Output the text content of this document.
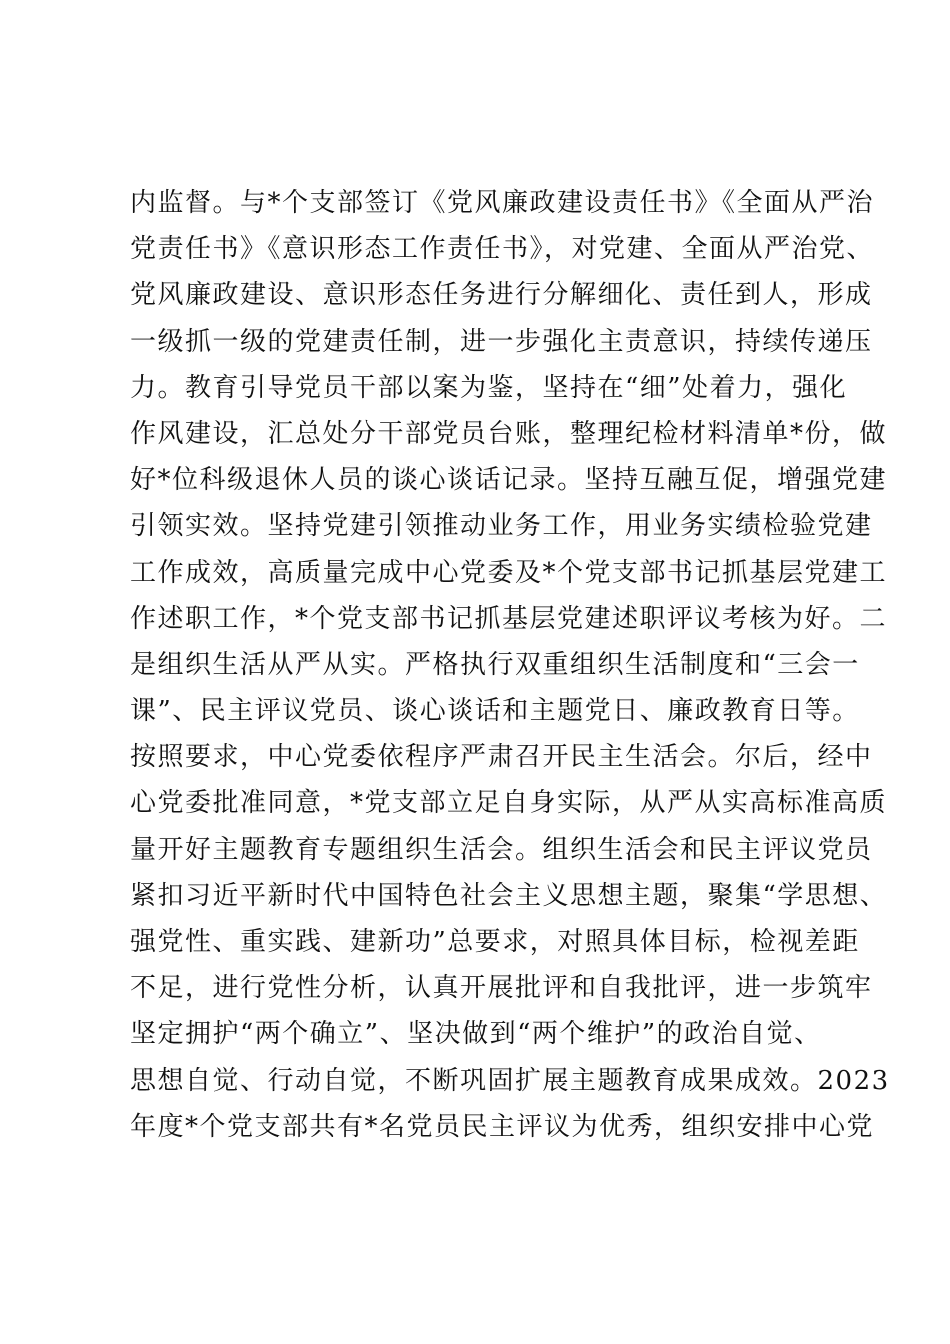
内监督。与*个支部签订《党风廉政建设责任书》《全面从严治
党责任书》《意识形态工作责任书》，对党建、全面从严治党、
党风廉政建设、意识形态任务进行分解细化、责任到人，形成
一级抓一级的党建责任制，进一步强化主责意识，持续传递压
力。教育引导党员干部以案为鉴，坚持在“细”处着力，强化
作风建设，汇总处分干部党员台账，整理纪检材料清单*份，做
好*位科级退休人员的谈心谈话记录。坚持互融互促，增强党建
引领实效。坚持党建引领推动业务工作，用业务实绩检验党建
工作成效，高质量完成中心党委及*个党支部书记抓基层党建工
作述职工作，*个党支部书记抓基层党建述职评议考核为好。二
是组织生活从严从实。严格执行双重组织生活制度和“三会一
课”、民主评议党员、谈心谈话和主题党日、廉政教育日等。
按照要求，中心党委依程序严肃召开民主生活会。尔后，经中
心党委批准同意，*党支部立足自身实际，从严从实高标准高质
量开好主题教育专题组织生活会。组织生活会和民主评议党员
紧扣习近平新时代中国特色社会主义思想主题，聚集“学思想、
强党性、重实践、建新功”总要求，对照具体目标，检视差距
不足，进行党性分析，认真开展批评和自我批评，进一步筑牢
坚定拥护“两个确立”、坚决做到“两个维护”的政治自觉、
思想自觉、行动自觉，不断巩固扩展主题教育成果成效。2023
年度*个党支部共有*名党员民主评议为优秀，组织安排中心党
